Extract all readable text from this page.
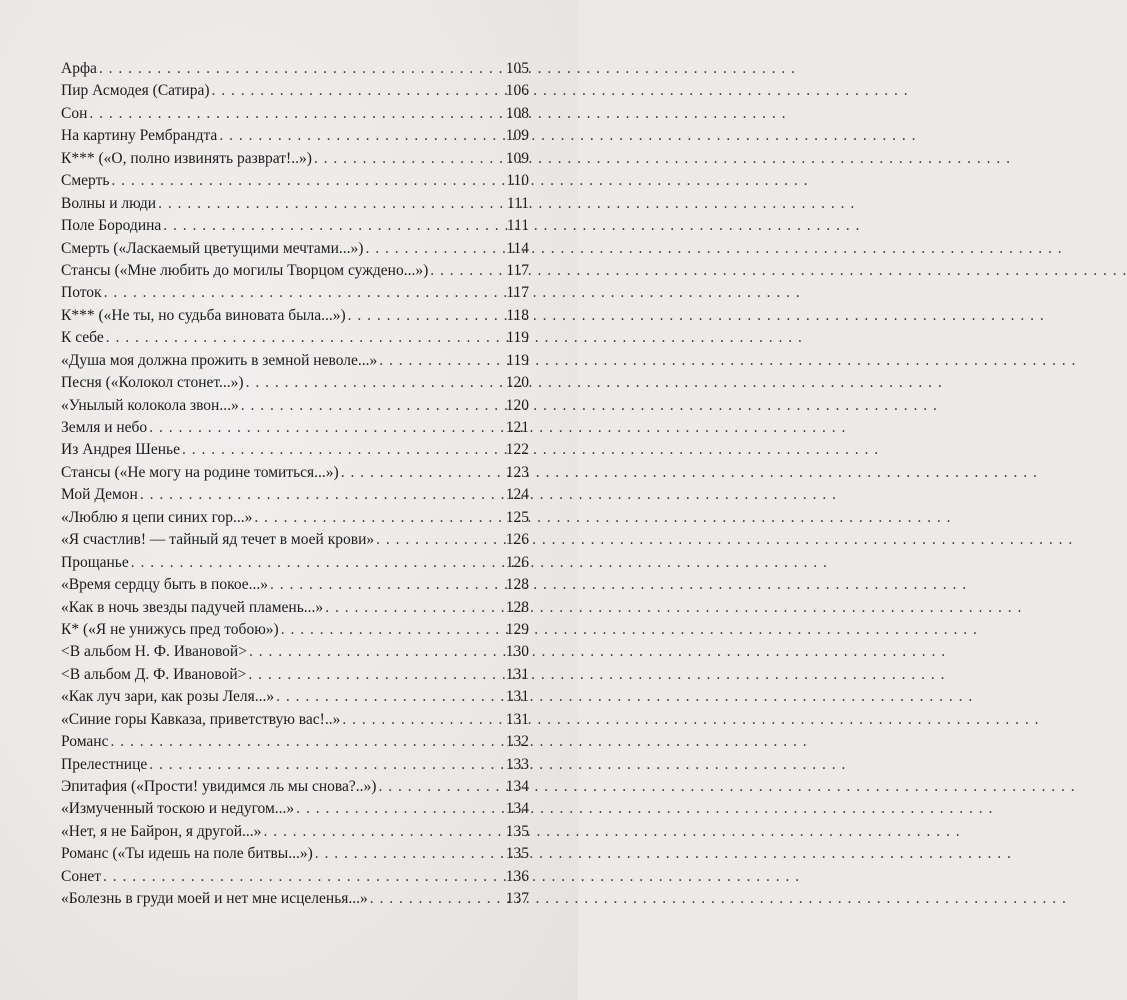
Арфа . . .	105
Пир Асмодея (Сатира) . . .	106
Сон . . .	108
На картину Рембрандта . . .	109
К*** («О, полно извинять разврат!..») . . .	109
Смерть . . .	110
Волны и люди . . .	111
Поле Бородина . . .	111
Смерть («Ласкаемый цветущими мечтами...») . . .	114
Стансы («Мне любить до могилы Творцом суждено...») . . .	117
Поток . . .	117
К*** («Не ты, но судьба виновата была...») . . .	118
К себе . . .	119
«Душа моя должна прожить в земной неволе...» . . .	119
Песня («Колокол стонет...») . . .	120
«Унылый колокола звон...» . . .	120
Земля и небо . . .	121
Из Андрея Шенье . . .	122
Стансы («Не могу на родине томиться...») . . .	123
Мой Демон . . .	124
«Люблю я цепи синих гор...» . . .	125
«Я счастлив! — тайный яд течет в моей крови» . . .	126
Прощанье . . .	126
«Время сердцу быть в покое...» . . .	128
«Как в ночь звезды падучей пламень...» . . .	128
К* («Я не унижусь пред тобою») . . .	129
<В альбом Н. Ф. Ивановой> . . .	130
<В альбом Д. Ф. Ивановой> . . .	131
«Как луч зари, как розы Леля...» . . .	131
«Синие горы Кавказа, приветствую вас!..» . . .	131
Романс . . .	132
Прелестнице . . .	133
Эпитафия («Прости! увидимся ль мы снова?..») . . .	134
«Измученный тоскою и недугом...» . . .	134
«Нет, я не Байрон, я другой...» . . .	135
Романс («Ты идешь на поле битвы...») . . .	135
Сонет . . .	136
«Болезнь в груди моей и нет мне исцеленья...» . . .	137
